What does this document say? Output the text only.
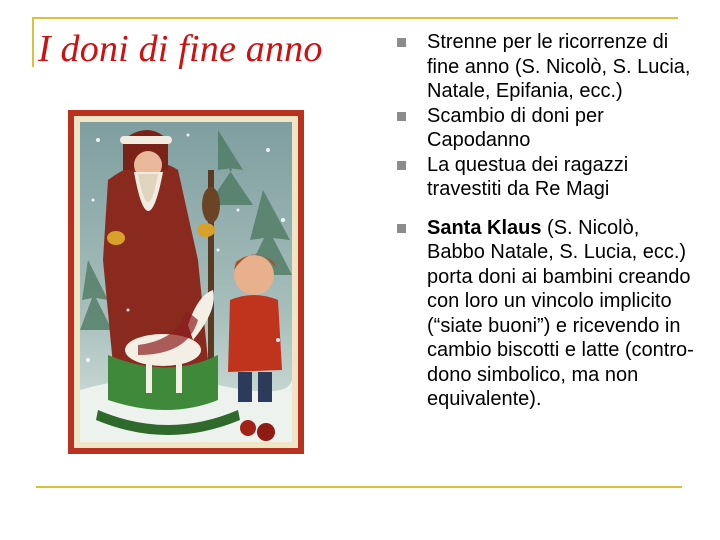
I doni di fine anno	Strenne per le ricorrenze di fine anno (S. Nicolò, S. Lucia, Natale, Epifania, ecc.)
Scambio di doni per Capodanno
La questua dei ragazzi travestiti da Re Magi
Santa Klaus (S. Nicolò, Babbo Natale, S. Lucia, ecc.) porta doni ai bambini creando con loro un vincolo implicito (“siate buoni”) e ricevendo in cambio biscotti e latte (contro-dono simbolico, ma non equivalente).
